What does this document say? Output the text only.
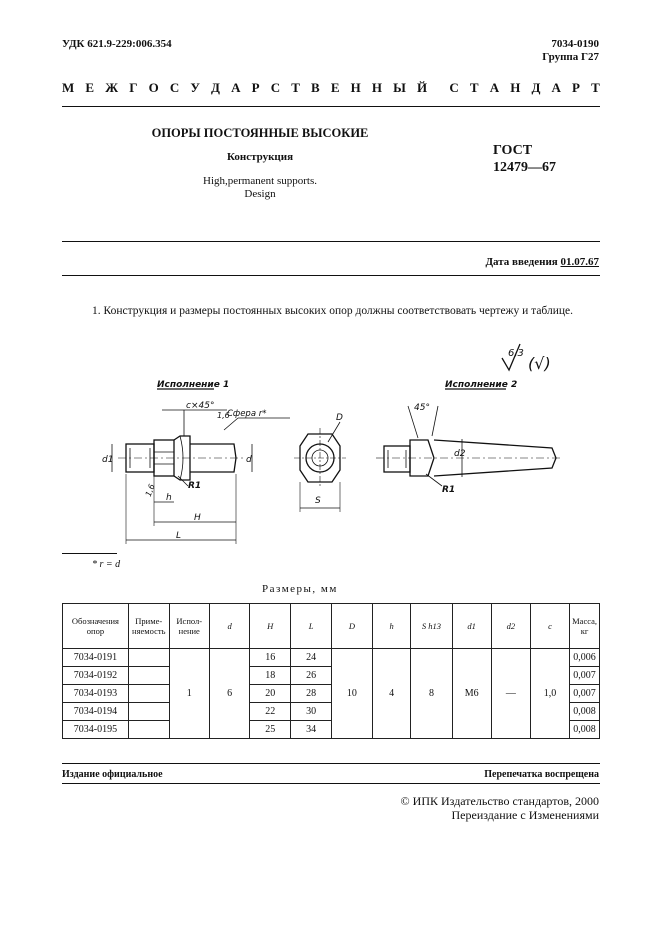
УДК 621.9-229:006.354	7034-0190
Группа Г27
М Е Ж Г О С У Д А Р С Т В Е Н Н Ы Й С Т А Н Д А Р Т
ОПОРЫ ПОСТОЯННЫЕ ВЫСОКИЕ
Конструкция
High,permanent supports.
Design
ГОСТ
12479—67
Дата введения 01.07.67
1. Конструкция и размеры постоянных высоких опор должны соответствовать чертежу и таблице.
6,3
(√)
Исполнение 1
d1	d
c×45°
1,6
Сфера r*
R1
1,6
h
H
L
D
S
Исполнение 2
d2
45°
R1
* r = d
Размеры, мм
Обозначения опор	Приме-няемость	Испол-нение	d	H	L	D	h	S h13	d1	d2	c	Масса, кг
7034-0191		1	6	16	24	10	4	8	М6	—	1,0	0,006
7034-0192				18	26							0,007
7034-0193				20	28							0,007
7034-0194				22	30							0,008
7034-0195				25	34							0,008
Издание официальное	Перепечатка воспрещена
© ИПК Издательство стандартов, 2000
Переиздание с Изменениями
